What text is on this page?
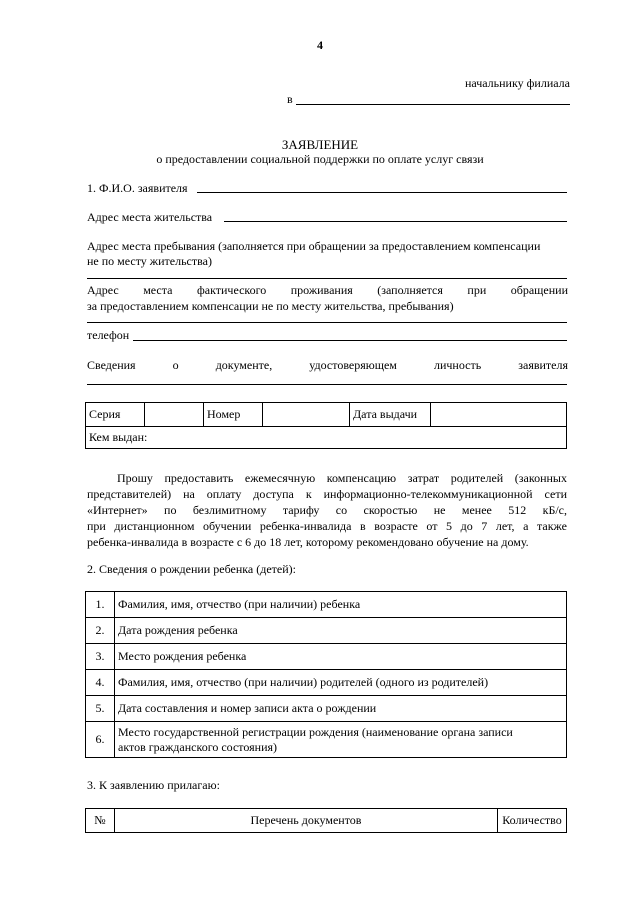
4
начальнику филиала
в
ЗАЯВЛЕНИЕ
о предоставлении социальной поддержки по оплате услуг связи
1. Ф.И.О. заявителя
Адрес места жительства
Адрес места пребывания (заполняется при обращении за предоставлением компенсации
не по месту жительства)
Адрес места фактического проживания (заполняется при обращении
за предоставлением компенсации не по месту жительства, пребывания)
телефон
Сведения о документе, удостоверяющем личность заявителя
Серия		Номер		Дата выдачи	
Кем выдан:
Прошу предоставить ежемесячную компенсацию затрат родителей (законных
представителей) на оплату доступа к информационно-телекоммуникационной сети
«Интернет» по безлимитному тарифу со скоростью не менее 512 кБ/с,
при дистанционном обучении ребенка-инвалида в возрасте от 5 до 7 лет, а также
ребенка-инвалида в возрасте с 6 до 18 лет, которому рекомендовано обучение на дому.
2. Сведения о рождении ребенка (детей):
1.	Фамилия, имя, отчество (при наличии) ребенка
2.	Дата рождения ребенка
3.	Место рождения ребенка
4.	Фамилия, имя, отчество (при наличии) родителей (одного из родителей)
5.	Дата составления и номер записи акта о рождении
6.	Место государственной регистрации рождения (наименование органа записи
актов гражданского состояния)
3. К заявлению прилагаю:
№	Перечень документов	Количество
